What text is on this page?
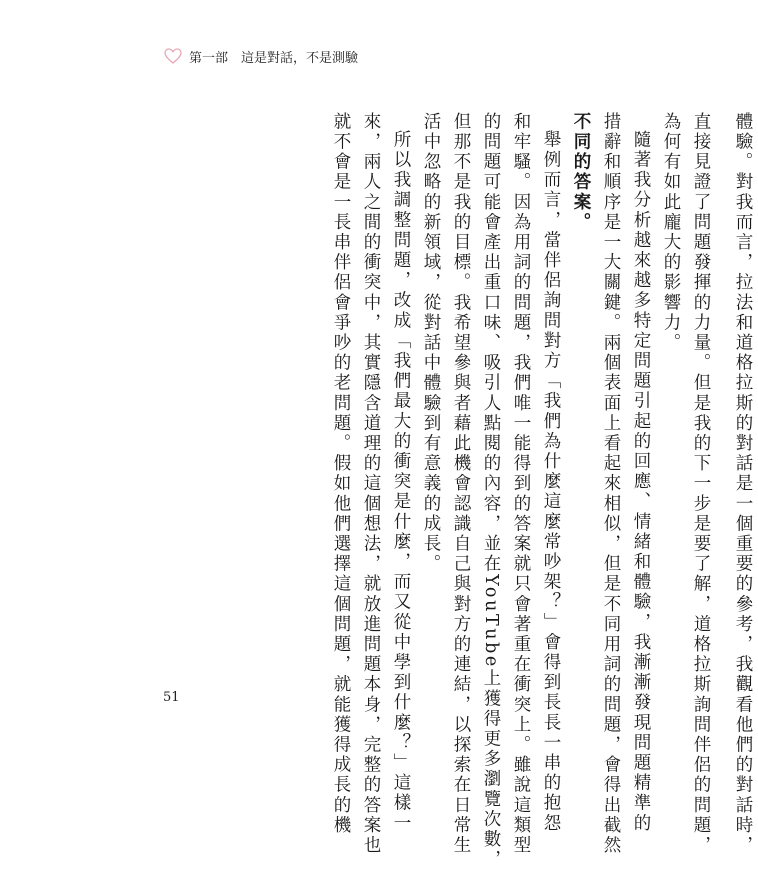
第一部　這是對話，不是測驗
體驗。對我而言，拉法和道格拉斯的對話是一個重要的參考，我觀看他們的對話時，
直接見證了問題發揮的力量。但是我的下一步是要了解，道格拉斯詢問伴侶的問題，
為何有如此龐大的影響力。
隨著我分析越來越多特定問題引起的回應、情緒和體驗，我漸漸發現問題精準的
措辭和順序是一大關鍵。兩個表面上看起來相似，但是不同用詞的問題，會得出截然
不同的答案。
舉例而言，當伴侶詢問對方「我們為什麼這麼常吵架？」會得到長長一串的抱怨
和牢騷。因為用詞的問題，我們唯一能得到的答案就只會著重在衝突上。雖說這類型
的問題可能會產出重口味、吸引人點閱的內容，並在YouTube上獲得更多瀏覽次數，
但那不是我的目標。我希望參與者藉此機會認識自己與對方的連結，以探索在日常生
活中忽略的新領域，從對話中體驗到有意義的成長。
所以我調整問題，改成「我們最大的衝突是什麼，而又從中學到什麼？」這樣一
來，兩人之間的衝突中，其實隱含道理的這個想法，就放進問題本身，完整的答案也
就不會是一長串伴侶會爭吵的老問題。假如他們選擇這個問題，就能獲得成長的機
51
